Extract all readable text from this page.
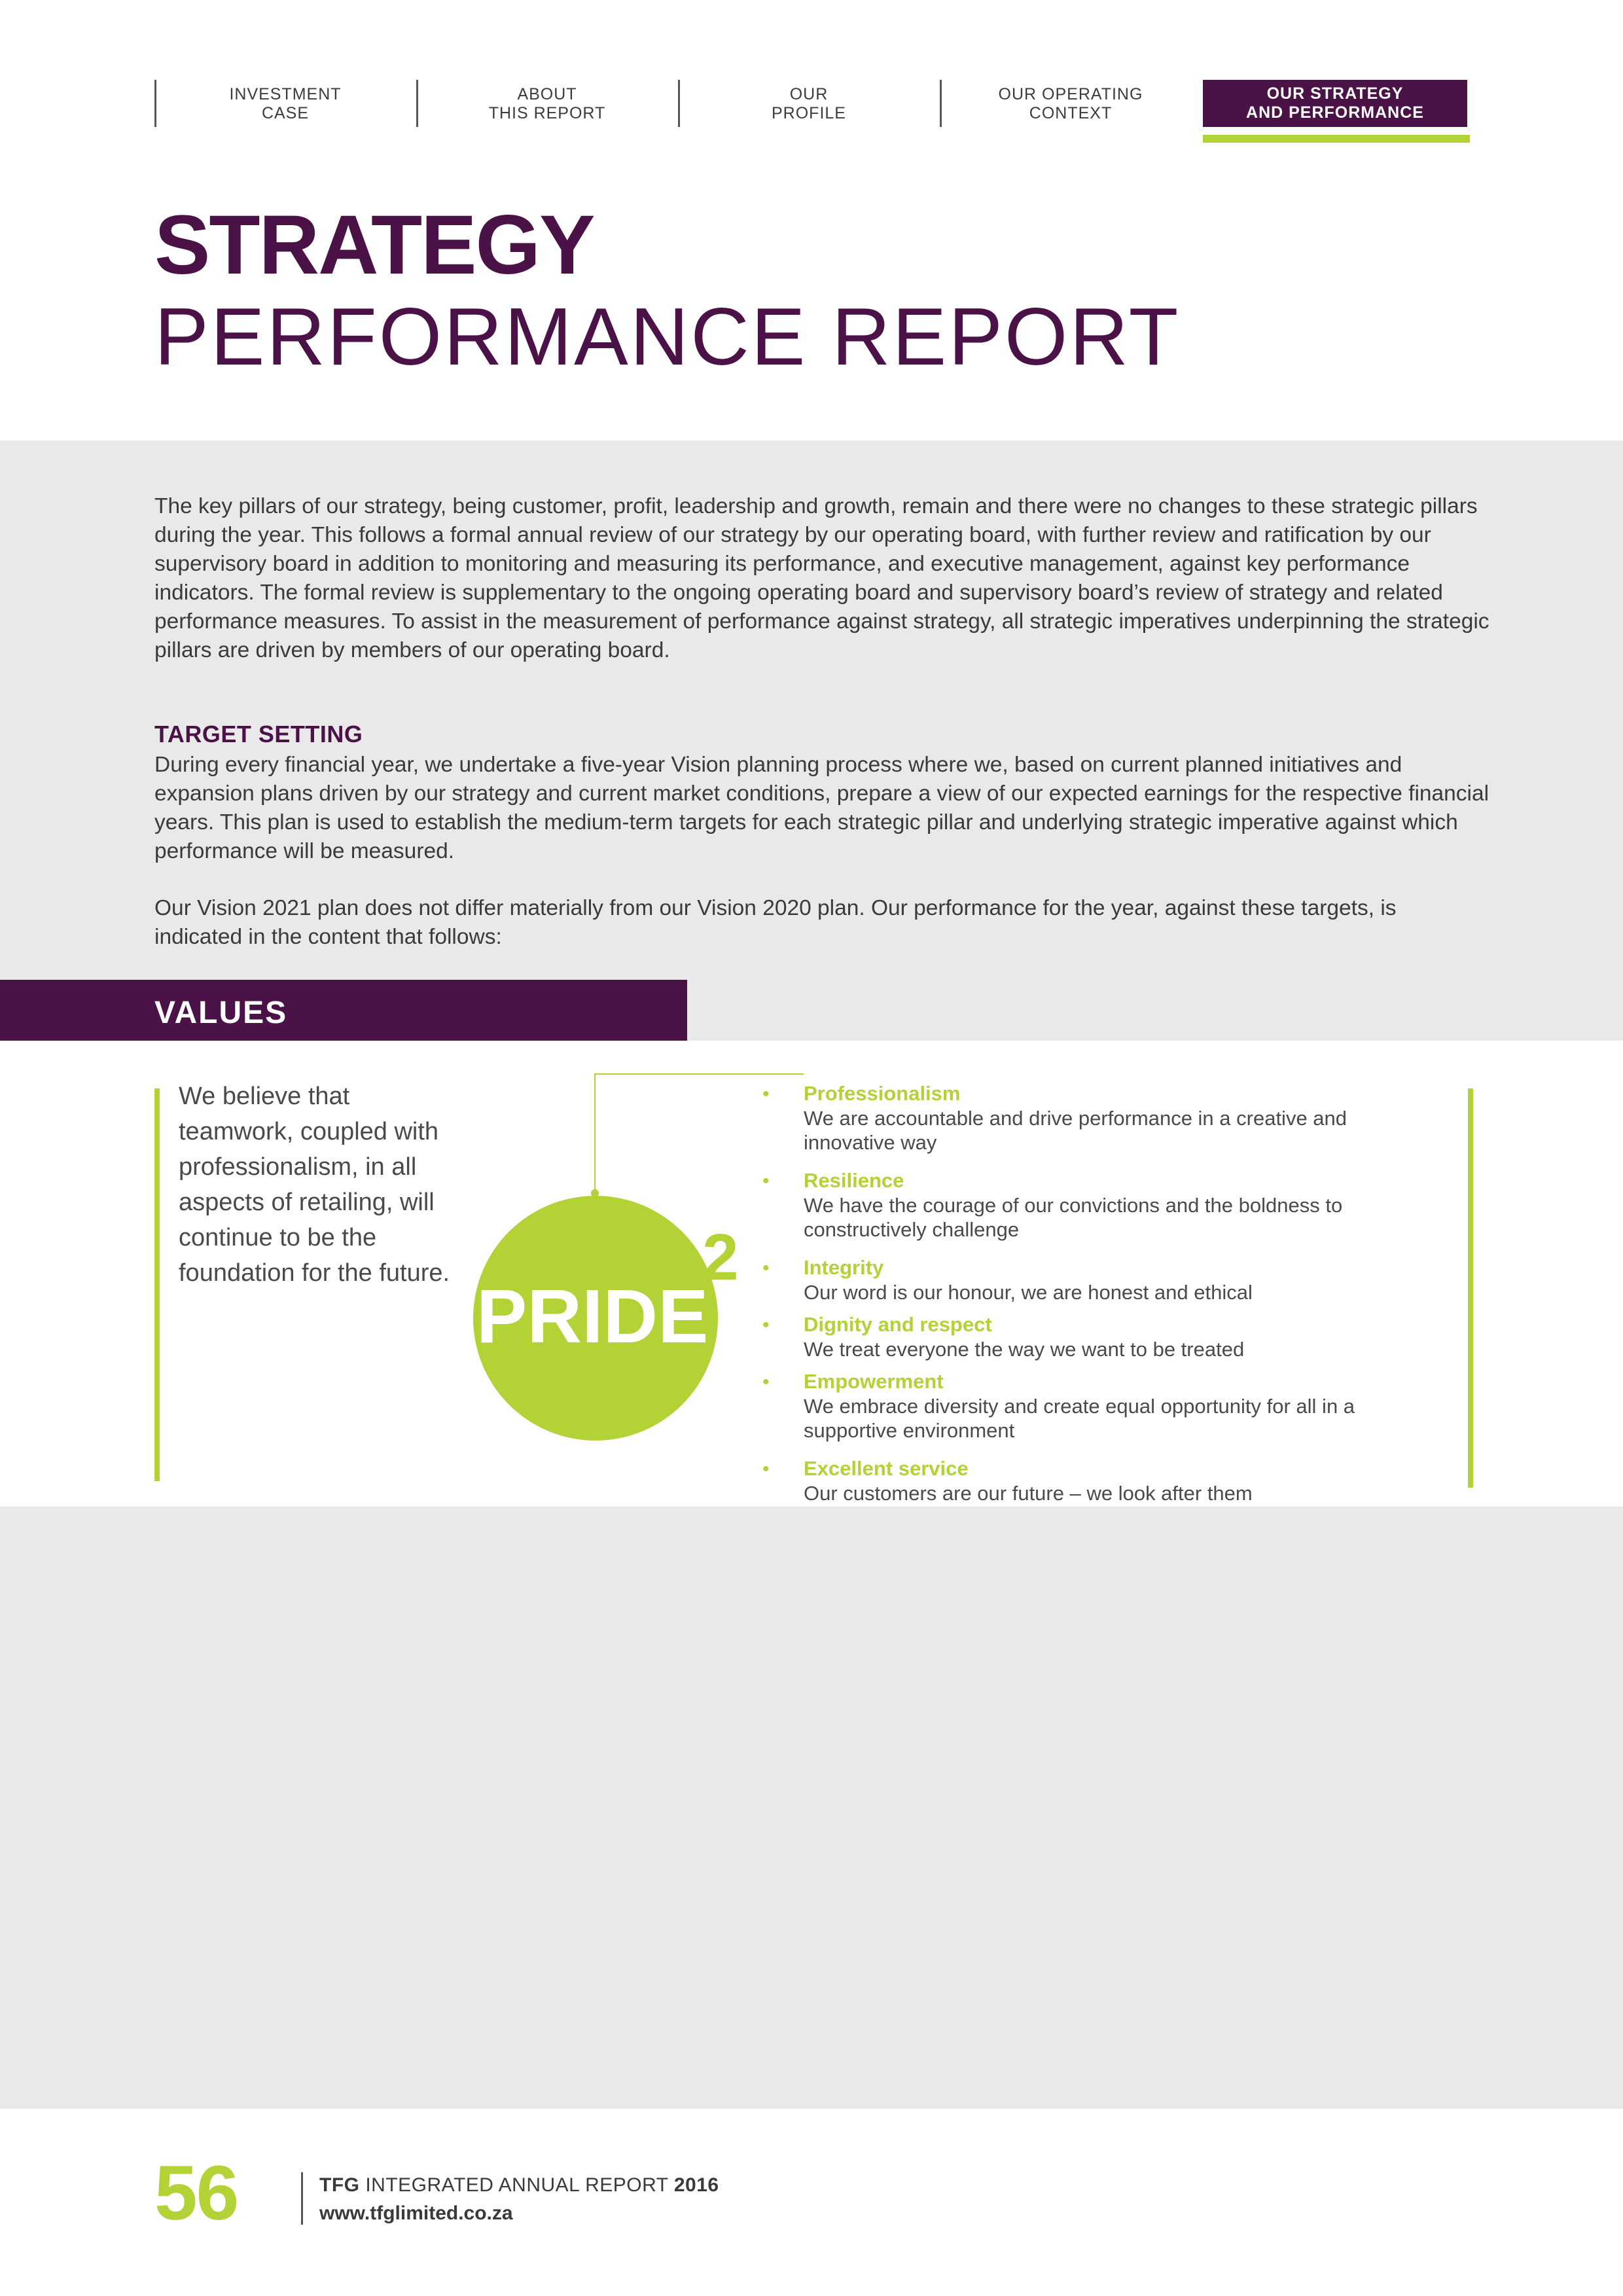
INVESTMENT
CASE
ABOUT
THIS REPORT
OUR
PROFILE
OUR OPERATING
CONTEXT
OUR STRATEGY
AND PERFORMANCE
STRATEGY
PERFORMANCE REPORT

The key pillars of our strategy, being customer, profit, leadership and growth, remain and there were no changes to these strategic pillars during the year. This follows a formal annual review of our strategy by our operating board, with further review and ratification by our supervisory board in addition to monitoring and measuring its performance, and executive management, against key performance indicators. The formal review is supplementary to the ongoing operating board and supervisory board’s review of strategy and related performance measures. To assist in the measurement of performance against strategy, all strategic imperatives underpinning the strategic pillars are driven by members of our operating board.

TARGET SETTING

During every financial year, we undertake a five-year Vision planning process where we, based on current planned initiatives and expansion plans driven by our strategy and current market conditions, prepare a view of our expected earnings for the respective financial years. This plan is used to establish the medium-term targets for each strategic pillar and underlying strategic imperative against which performance will be measured.

Our Vision 2021 plan does not differ materially from our Vision 2020 plan. Our performance for the year, against these targets, is indicated in the content that follows:

VALUES

We believe that teamwork, coupled with professionalism, in all aspects of retailing, will continue to be the foundation for the future.

PRIDE
2
• Professionalism
We are accountable and drive performance in a creative and innovative way
• Resilience
We have the courage of our convictions and the boldness to constructively challenge
• Integrity
Our word is our honour, we are honest and ethical
• Dignity and respect
We treat everyone the way we want to be treated
• Empowerment
We embrace diversity and create equal opportunity for all in a supportive environment
• Excellent service
Our customers are our future – we look after them
56	TFG INTEGRATED ANNUAL REPORT 2016
www.tfglimited.co.za
